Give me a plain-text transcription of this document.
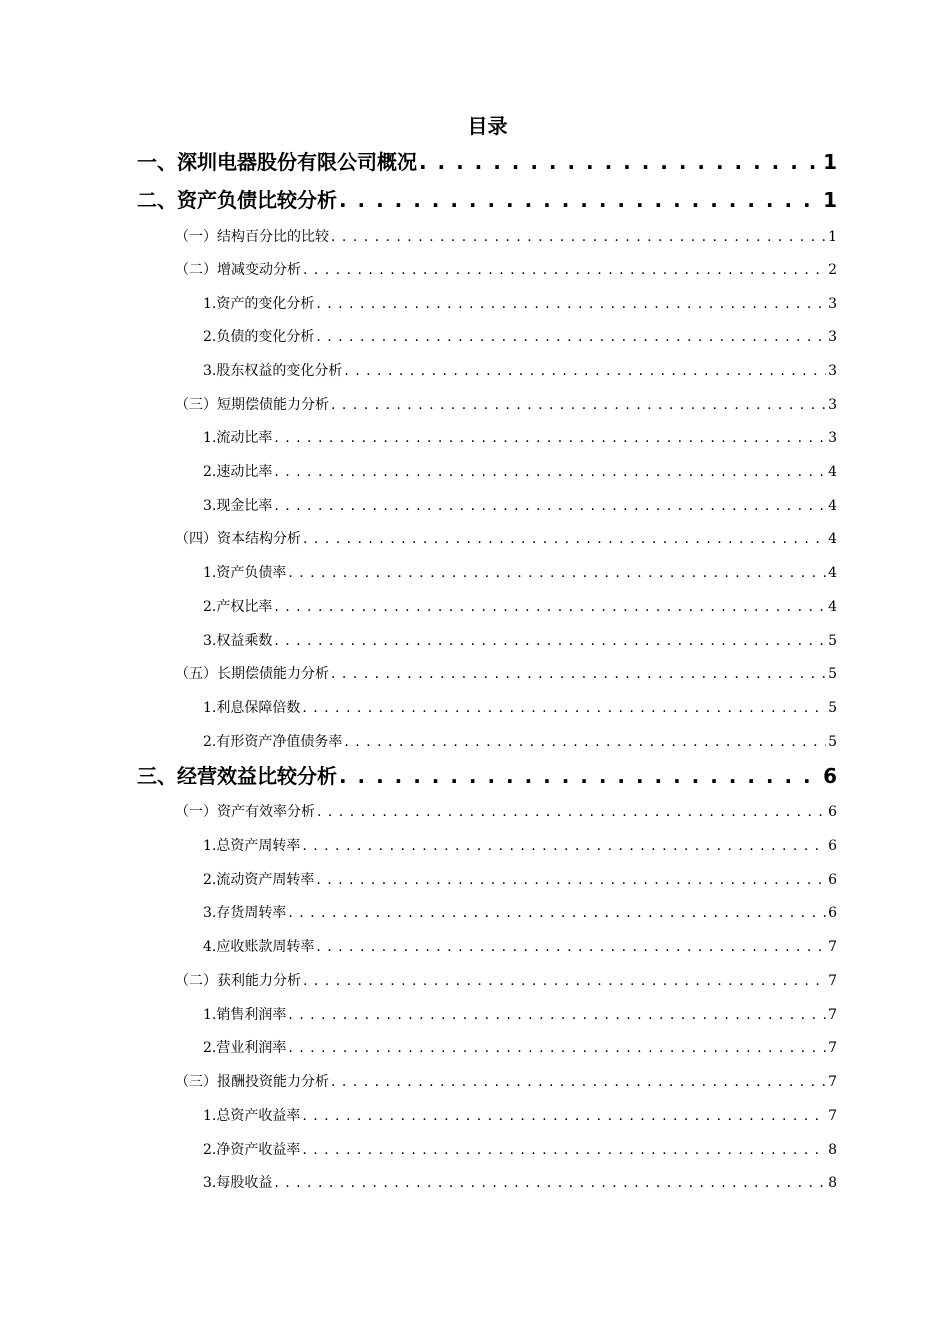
目录
一、深圳电器股份有限公司概况 . . .	1
二、资产负债比较分析 . . .	1
（一）结构百分比的比较 . . .	1
（二）增减变动分析 . . .	2
1.资产的变化分析 . . .	3
2.负债的变化分析 . . .	3
3.股东权益的变化分析 . . .	3
（三）短期偿债能力分析 . . .	3
1.流动比率 . . .	3
2.速动比率 . . .	4
3.现金比率 . . .	4
（四）资本结构分析 . . .	4
1.资产负债率 . . .	4
2.产权比率 . . .	4
3.权益乘数 . . .	5
（五）长期偿债能力分析 . . .	5
1.利息保障倍数 . . .	5
2.有形资产净值债务率 . . .	5
三、经营效益比较分析 . . .	6
（一）资产有效率分析 . . .	6
1.总资产周转率 . . .	6
2.流动资产周转率 . . .	6
3.存货周转率 . . .	6
4.应收账款周转率 . . .	7
（二）获利能力分析 . . .	7
1.销售利润率 . . .	7
2.营业利润率 . . .	7
（三）报酬投资能力分析 . . .	7
1.总资产收益率 . . .	7
2.净资产收益率 . . .	8
3.每股收益 . . .	8
